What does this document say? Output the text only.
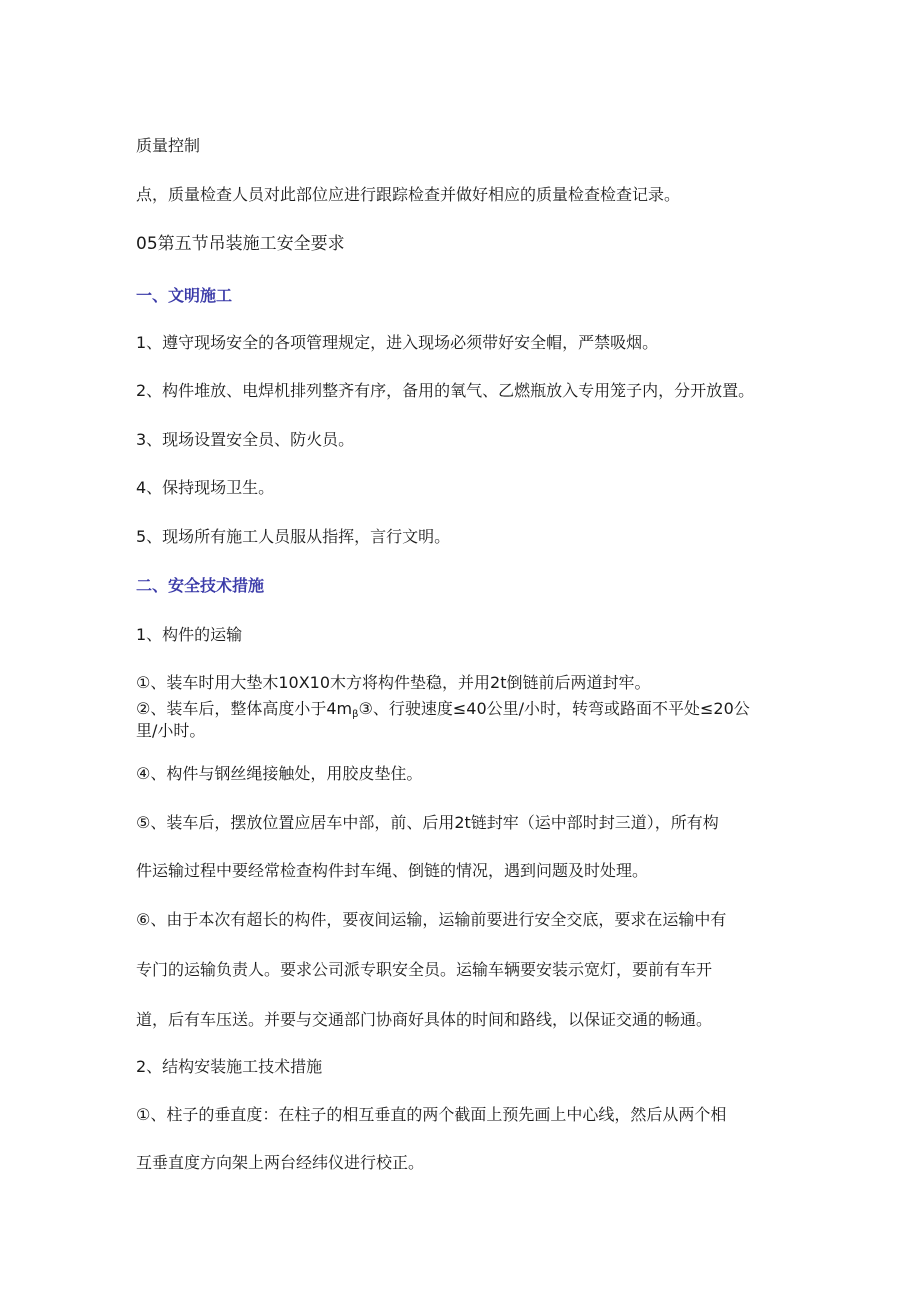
质量控制

点，质量检查人员对此部位应进行跟踪检查并做好相应的质量检查检查记录。

05第五节吊装施工安全要求

一、文明施工

1、遵守现场安全的各项管理规定，进入现场必须带好安全帽，严禁吸烟。

2、构件堆放、电焊机排列整齐有序，备用的氧气、乙燃瓶放入专用笼子内，分开放置。

3、现场设置安全员、防火员。

4、保持现场卫生。

5、现场所有施工人员服从指挥，言行文明。

二、安全技术措施

1、构件的运输

①、装车时用大垫木10X10木方将构件垫稳，并用2t倒链前后两道封牢。

②、装车后，整体高度小于$4m_\beta ③$、行驶速度≤40公里/小时，转弯或路面不平处≤20公

里/小时。

④、构件与钢丝绳接触处，用胶皮垫住。

⑤、装车后，摆放位置应居车中部，前、后用2t链封牢（运中部时封三道），所有构

件运输过程中要经常检查构件封车绳、倒链的情况，遇到问题及时处理。

⑥、由于本次有超长的构件，要夜间运输，运输前要进行安全交底，要求在运输中有

专门的运输负责人。要求公司派专职安全员。运输车辆要安装示宽灯，要前有车开

道，后有车压送。并要与交通部门协商好具体的时间和路线，以保证交通的畅通。

2、结构安装施工技术措施

①、柱子的垂直度：在柱子的相互垂直的两个截面上预先画上中心线，然后从两个相

互垂直度方向架上两台经纬仪进行校正。
